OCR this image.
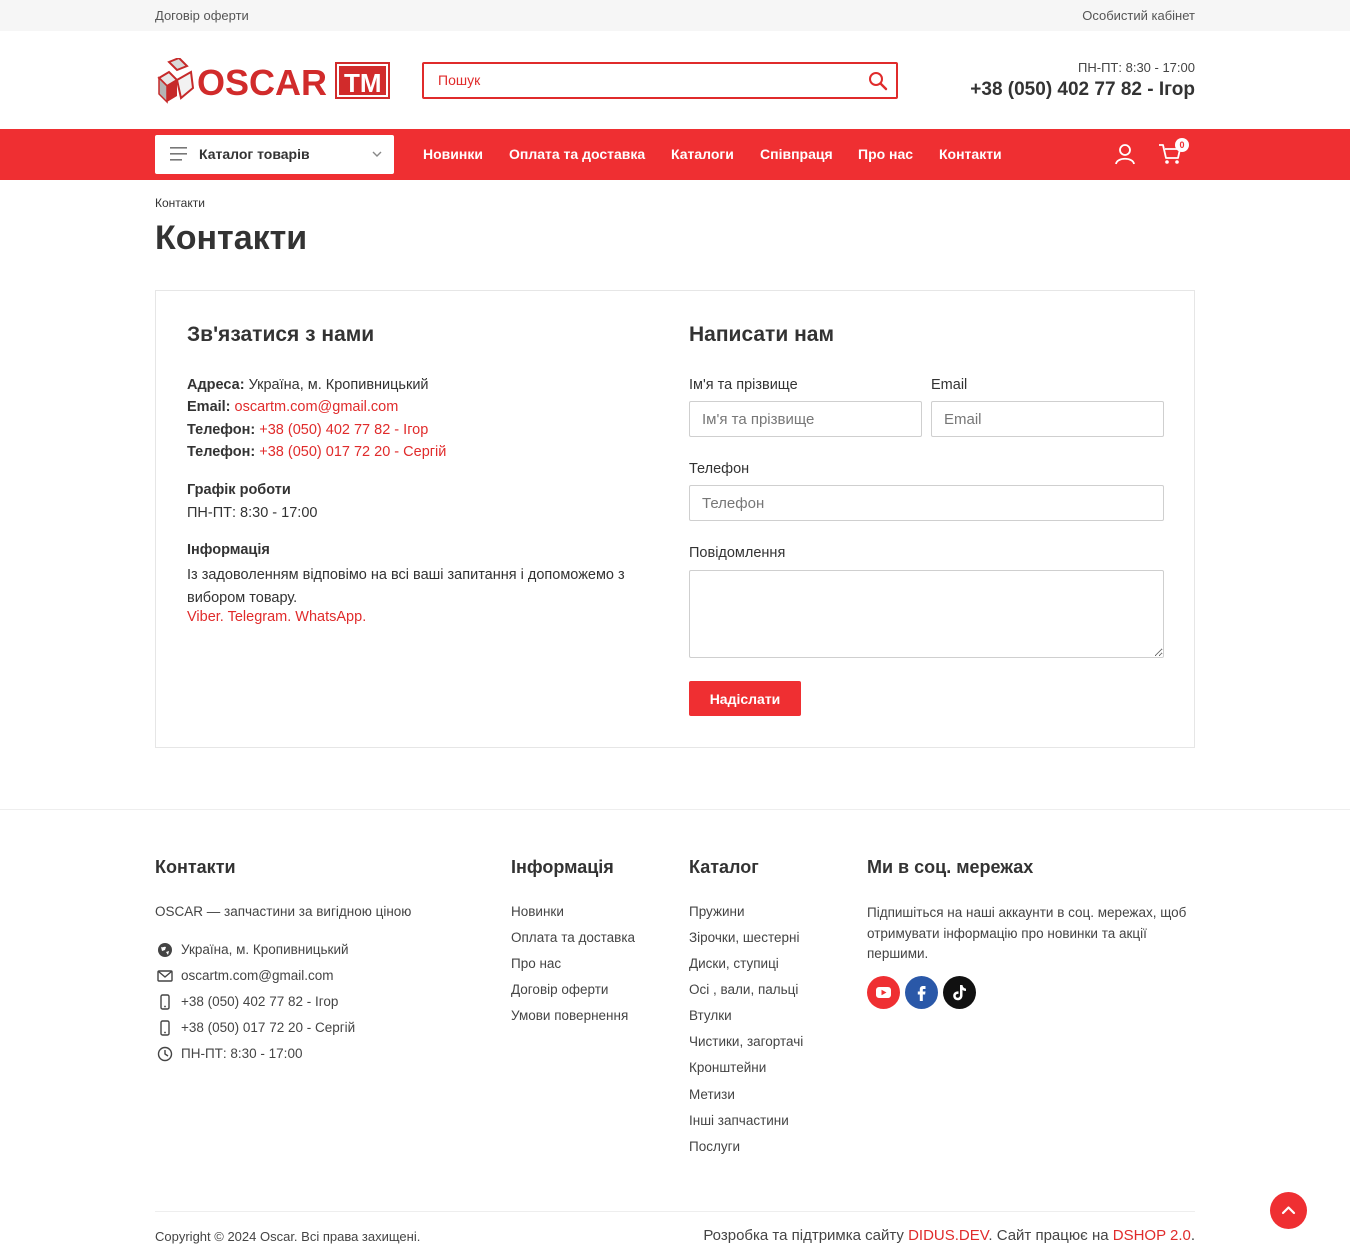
Договір оферти	Особистий кабінет
OSCAR TM
Пошук
ПН-ПТ: 8:30 - 17:00
+38 (050) 402 77 82 - Ігор
Каталог товарів	Новинки Оплата та доставка Каталоги Співпраця Про нас Контакти
0
Контакти
Контакти
Зв'язатися з нами
Адреса: Україна, м. Кропивницький
Email: oscartm.com@gmail.com
Телефон: +38 (050) 402 77 82 - Ігор
Телефон: +38 (050) 017 72 20 - Сергій
Графік роботи
ПН-ПТ: 8:30 - 17:00
Інформація
Із задоволенням відповімо на всі ваші запитання і допоможемо з вибором товару.
Viber. Telegram. WhatsApp.
Написати нам
Ім'я та прізвище	Email
Ім'я та прізвище
Email
Телефон
Телефон
Повідомлення
Надіслати
Контакти
OSCAR — запчастини за вигідною ціною
Україна, м. Кропивницький
oscartm.com@gmail.com
+38 (050) 402 77 82 - Ігор
+38 (050) 017 72 20 - Сергій
ПН-ПТ: 8:30 - 17:00
Інформація
Новинки
Оплата та доставка
Про нас
Договір оферти
Умови повернення
Каталог
Пружини
Зірочки, шестерні
Диски, ступиці
Осі , вали, пальці
Втулки
Чистики, загортачі
Кронштейни
Метизи
Інші запчастини
Послуги
Ми в соц. мережах
Підпишіться на наші аккаунти в соц. мережах, щоб отримувати інформацію про новинки та акції першими.
Copyright © 2024 Oscar. Всі права захищені.	Розробка та підтримка сайту DIDUS.DEV. Сайт працює на DSHOP 2.0.
